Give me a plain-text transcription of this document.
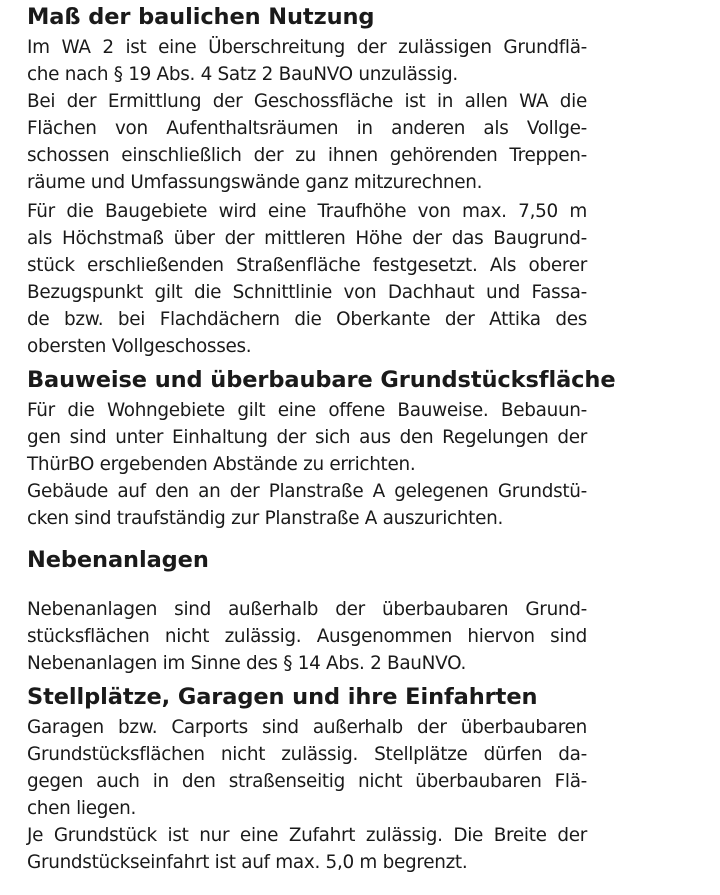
Maß der baulichen Nutzung

Im WA 2 ist eine Überschreitung der zulässigen Grundflä-

che nach § 19 Abs. 4 Satz 2 BauNVO unzulässig.

Bei der Ermittlung der Geschossfläche ist in allen WA die

Flächen von Aufenthaltsräumen in anderen als Vollge-

schossen einschließlich der zu ihnen gehörenden Treppen-

räume und Umfassungswände ganz mitzurechnen.

Für die Baugebiete wird eine Traufhöhe von max. 7,50 m

als Höchstmaß über der mittleren Höhe der das Baugrund-

stück erschließenden Straßenfläche festgesetzt. Als oberer

Bezugspunkt gilt die Schnittlinie von Dachhaut und Fassa-

de bzw. bei Flachdächern die Oberkante der Attika des

obersten Vollgeschosses.

Bauweise und überbaubare Grundstücksfläche

Für die Wohngebiete gilt eine offene Bauweise. Bebauun-

gen sind unter Einhaltung der sich aus den Regelungen der

ThürBO ergebenden Abstände zu errichten.

Gebäude auf den an der Planstraße A gelegenen Grundstü-

cken sind traufständig zur Planstraße A auszurichten.

Nebenanlagen

Nebenanlagen sind außerhalb der überbaubaren Grund-

stücksflächen nicht zulässig. Ausgenommen hiervon sind

Nebenanlagen im Sinne des § 14 Abs. 2 BauNVO.

Stellplätze, Garagen und ihre Einfahrten

Garagen bzw. Carports sind außerhalb der überbaubaren

Grundstücksflächen nicht zulässig. Stellplätze dürfen da-

gegen auch in den straßenseitig nicht überbaubaren Flä-

chen liegen.

Je Grundstück ist nur eine Zufahrt zulässig. Die Breite der

Grundstückseinfahrt ist auf max. 5,0 m begrenzt.
